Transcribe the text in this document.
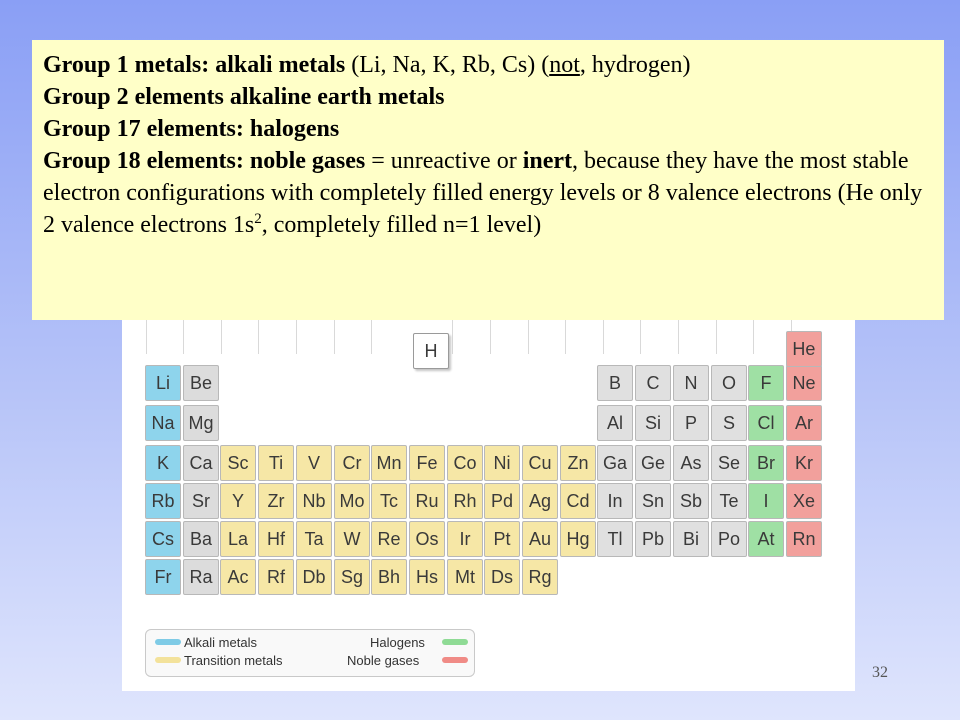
Li Be	B C N O F Ne
He
Na Mg	Al Si P S Cl Ar
K Ca Sc Ti V Cr Mn Fe Co Ni Cu Zn Ga Ge As Se Br Kr
Rb Sr Y Zr Nb Mo Tc Ru Rh Pd Ag Cd In Sn Sb Te I Xe
Cs Ba La Hf Ta W Re Os Ir Pt Au Hg Tl Pb Bi Po At Rn
Fr Ra Ac Rf Db Sg Bh Hs Mt Ds Rg
H
Alkali metals
Transition metals
Halogens
Noble gases

Group 1 metals: alkali metals (Li, Na, K, Rb, Cs) (not, hydrogen)

Group 2 elements alkaline earth metals

Group 17 elements: halogens

Group 18 elements: noble gases = unreactive or inert, because they have the most stable electron configurations with completely filled energy levels or 8 valence electrons (He only 2 valence electrons $1s^2$, completely filled n=1 level)

32
